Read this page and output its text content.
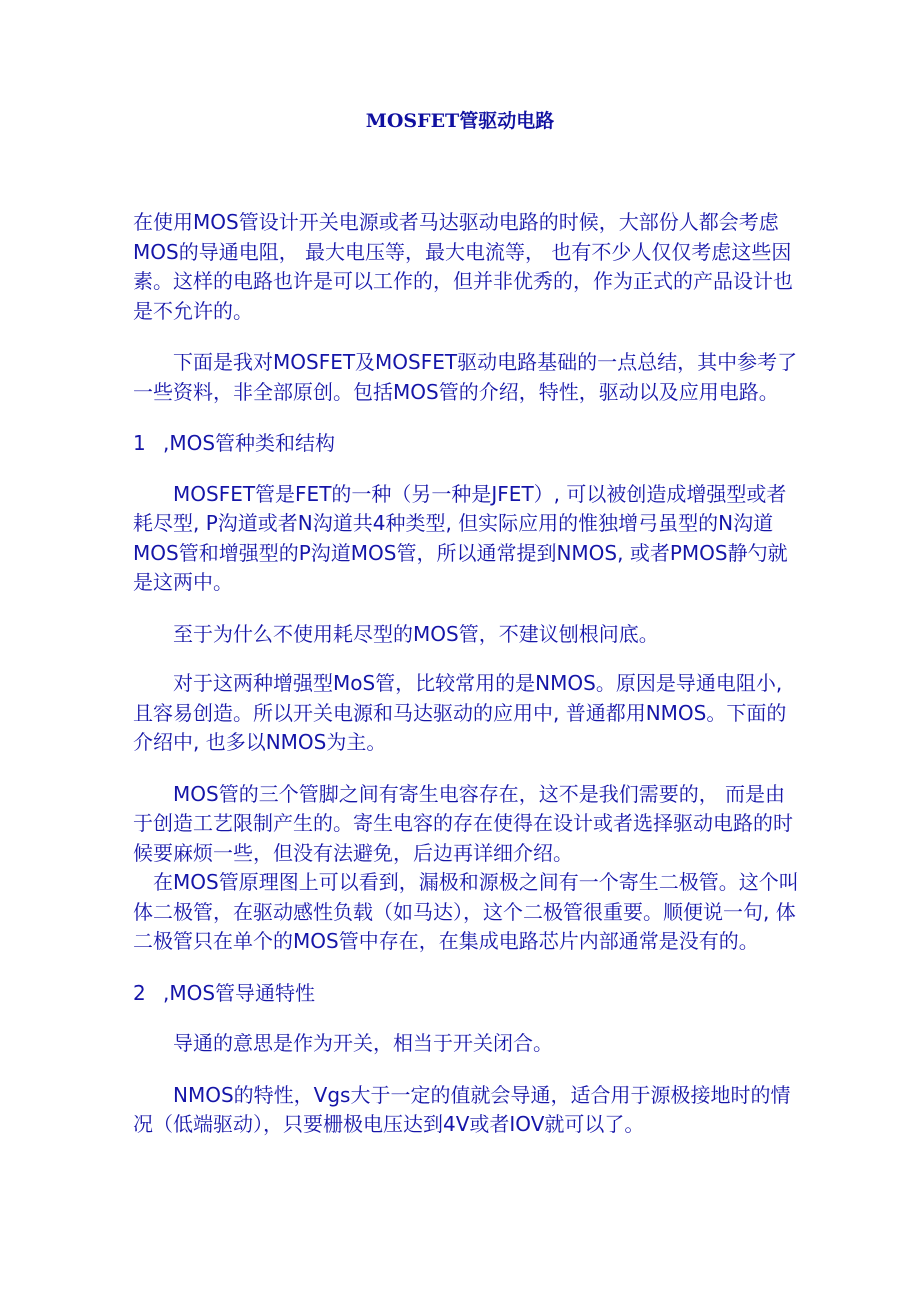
MOSFET管驱动电路

在使用MOS管设计开关电源或者马达驱动电路的时候，大部份人都会考虑MOS的导通电阻， 最大电压等，最大电流等， 也有不少人仅仅考虑这些因素。这样的电路也许是可以工作的，但并非优秀的，作为正式的产品设计也是不允许的。

下面是我对MOSFET及MOSFET驱动电路基础的一点总结，其中参考了一些资料，非全部原创。包括MOS管的介绍，特性，驱动以及应用电路。

1 ,MOS管种类和结构

MOSFET管是FET的一种（另一种是JFET）, 可以被创造成增强型或者耗尽型, P沟道或者N沟道共4种类型, 但实际应用的惟独增弓虽型的N沟道MOS管和增强型的P沟道MOS管，所以通常提到NMOS, 或者PMOS静勺就是这两中。

至于为什么不使用耗尽型的MOS管，不建议刨根问底。

对于这两种增强型MoS管，比较常用的是NMOS。原因是导通电阻小, 且容易创造。所以开关电源和马达驱动的应用中, 普通都用NMOS。下面的介绍中, 也多以NMOS为主。

MOS管的三个管脚之间有寄生电容存在，这不是我们需要的， 而是由于创造工艺限制产生的。寄生电容的存在使得在设计或者选择驱动电路的时候要麻烦一些，但没有法避免，后边再详细介绍。

在MOS管原理图上可以看到，漏极和源极之间有一个寄生二极管。这个叫体二极管，在驱动感性负载（如马达），这个二极管很重要。顺便说一句, 体二极管只在单个的MOS管中存在，在集成电路芯片内部通常是没有的。

2 ,MOS管导通特性

导通的意思是作为开关，相当于开关闭合。

NMOS的特性，Vgs大于一定的值就会导通，适合用于源极接地时的情况（低端驱动），只要栅极电压达到4V或者IOV就可以了。
